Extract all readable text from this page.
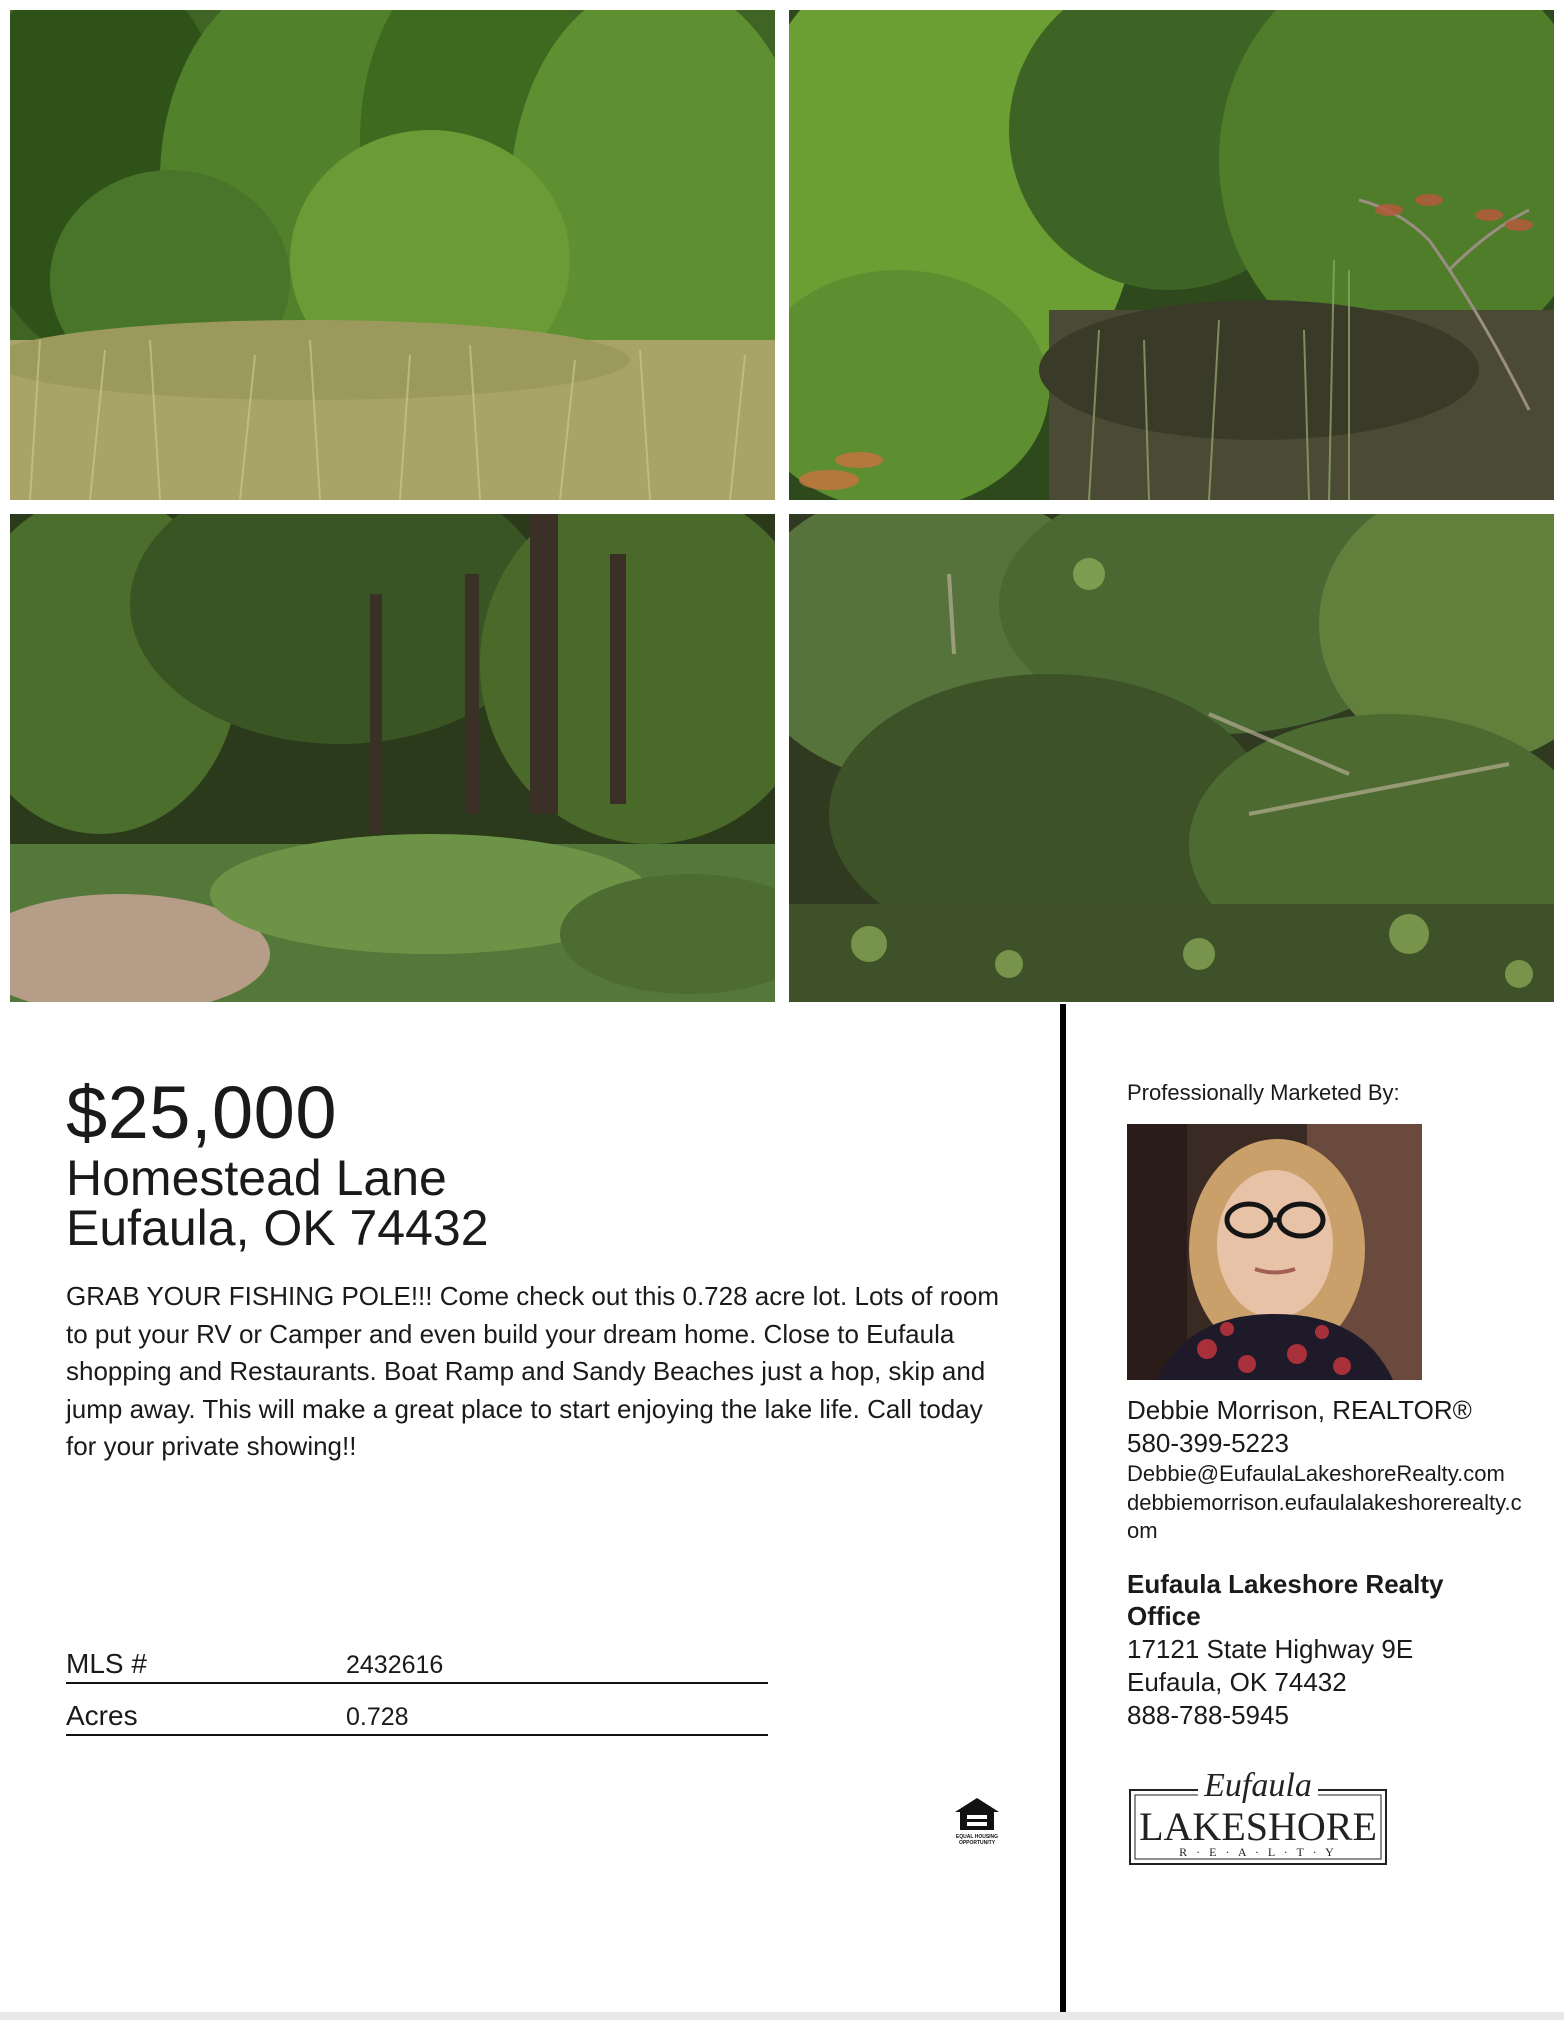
$25,000
Homestead Lane
Eufaula, OK 74432
GRAB YOUR FISHING POLE!!! Come check out this 0.728 acre lot. Lots of room to put your RV or Camper and even build your dream home. Close to Eufaula shopping and Restaurants. Boat Ramp and Sandy Beaches just a hop, skip and jump away. This will make a great place to start enjoying the lake life. Call today for your private showing!!
MLS #	2432616
Acres	0.728
EQUAL HOUSING
OPPORTUNITY
Professionally Marketed By:
Debbie Morrison, REALTOR®
580-399-5223
Debbie@EufaulaLakeshoreRealty.com
debbiemorrison.eufaulalakeshorerealty.com
Eufaula Lakeshore Realty Office
17121 State Highway 9E
Eufaula, OK 74432
888-788-5945
Eufaula
LAKESHORE
R · E · A · L · T · Y
